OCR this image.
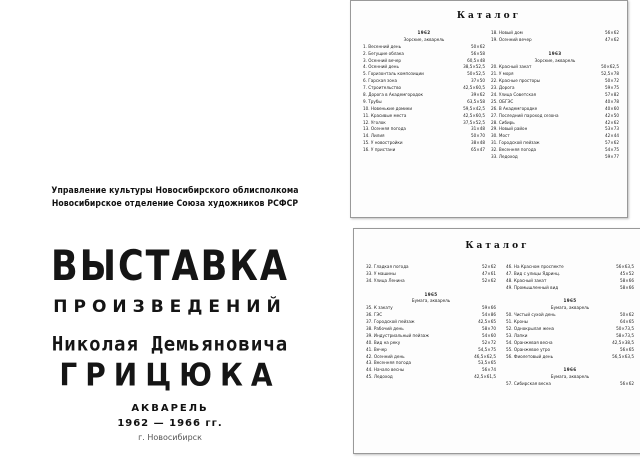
Управление культуры Новосибирского облисполкома
Новосибирское отделение Союза художников РСФСР
ВЫСТАВКА
ПРОИЗВЕДЕНИЙ
Николая Демьяновича
ГРИЦЮКА
АКВАРЕЛЬ
1962 — 1966 гг.
г. Новосибирск
Каталог
1962
Зорские, акварель
1. Весенний день	50×62
2. Бегущие облака	56×58
3. Осенний вечер	60,5×48
4. Осенний день	38,5×52,5
5. Горизонталь композиции	50×52,5
6. Гарская зона	37×50
7. Строительство	42,5×60,5
8. Дорога в Академгородок	39×62
9. Трубы	63,5×58
10. Новенькие домики	59,5×42,5
11. Красивые места	42,5×60,5
12. Уголок	37,5×52,5
13. Осенняя погода	31×48
14. Лилия	50×70
15. У новостройки	38×48
16. У пристани	65×47
18. Новый дом	56×62
19. Осенний вечер	47×62
1963
Зорские, акварель
20. Красный закат	50×62,5
21. У моря	52,5×78
22. Красные просторы	50×72
23. Дорога	59×75
24. Улица Советская	57×82
25. ОБГЭС	40×78
26. В Академгородке	40×60
27. Последний пароход сезона	42×50
28. Сибирь	42×62
29. Новый район	53×73
30. Мост	42×44
31. Городской пейзаж	57×62
32. Весенняя погода	54×75
33. Ледоход	59×77
Каталог
32. Гладкая погода	52×62
33. У машины	47×61
34. Улица Ленина	52×62
1965
Бумага, акварель
35. К закату	59×66
36. ГЭС	54×86
37. Городской пейзаж	42,5×65
38. Рабочий день	58×70
39. Индустриальный пейзаж	54×60
40. Вид на реку	52×72
41. Вечер	54,5×75
42. Осенний день	46,5×62,5
43. Весенняя погода	53,5×65
44. Начало весны	56×74
45. Ледоход	42,5×61,5
46. На Красном проспекте	56×63,5
47. Вид с улицы Ядринц.	45×52
48. Красный закат	58×66
49. Промышленный вид	58×66
1965
Бумага, акварель
50. Чистый сухой день	50×62
51. Кроны	64×65
52. Однокрылая жена	50×73,5
53. Лапки	58×73,5
54. Оранжевая весна	42,5×38,5
55. Оранжевое утро	56×65
56. Фиолетовый день	56,5×63,5
1966
Бумага, акварель
57. Сибирская весна	56×62
